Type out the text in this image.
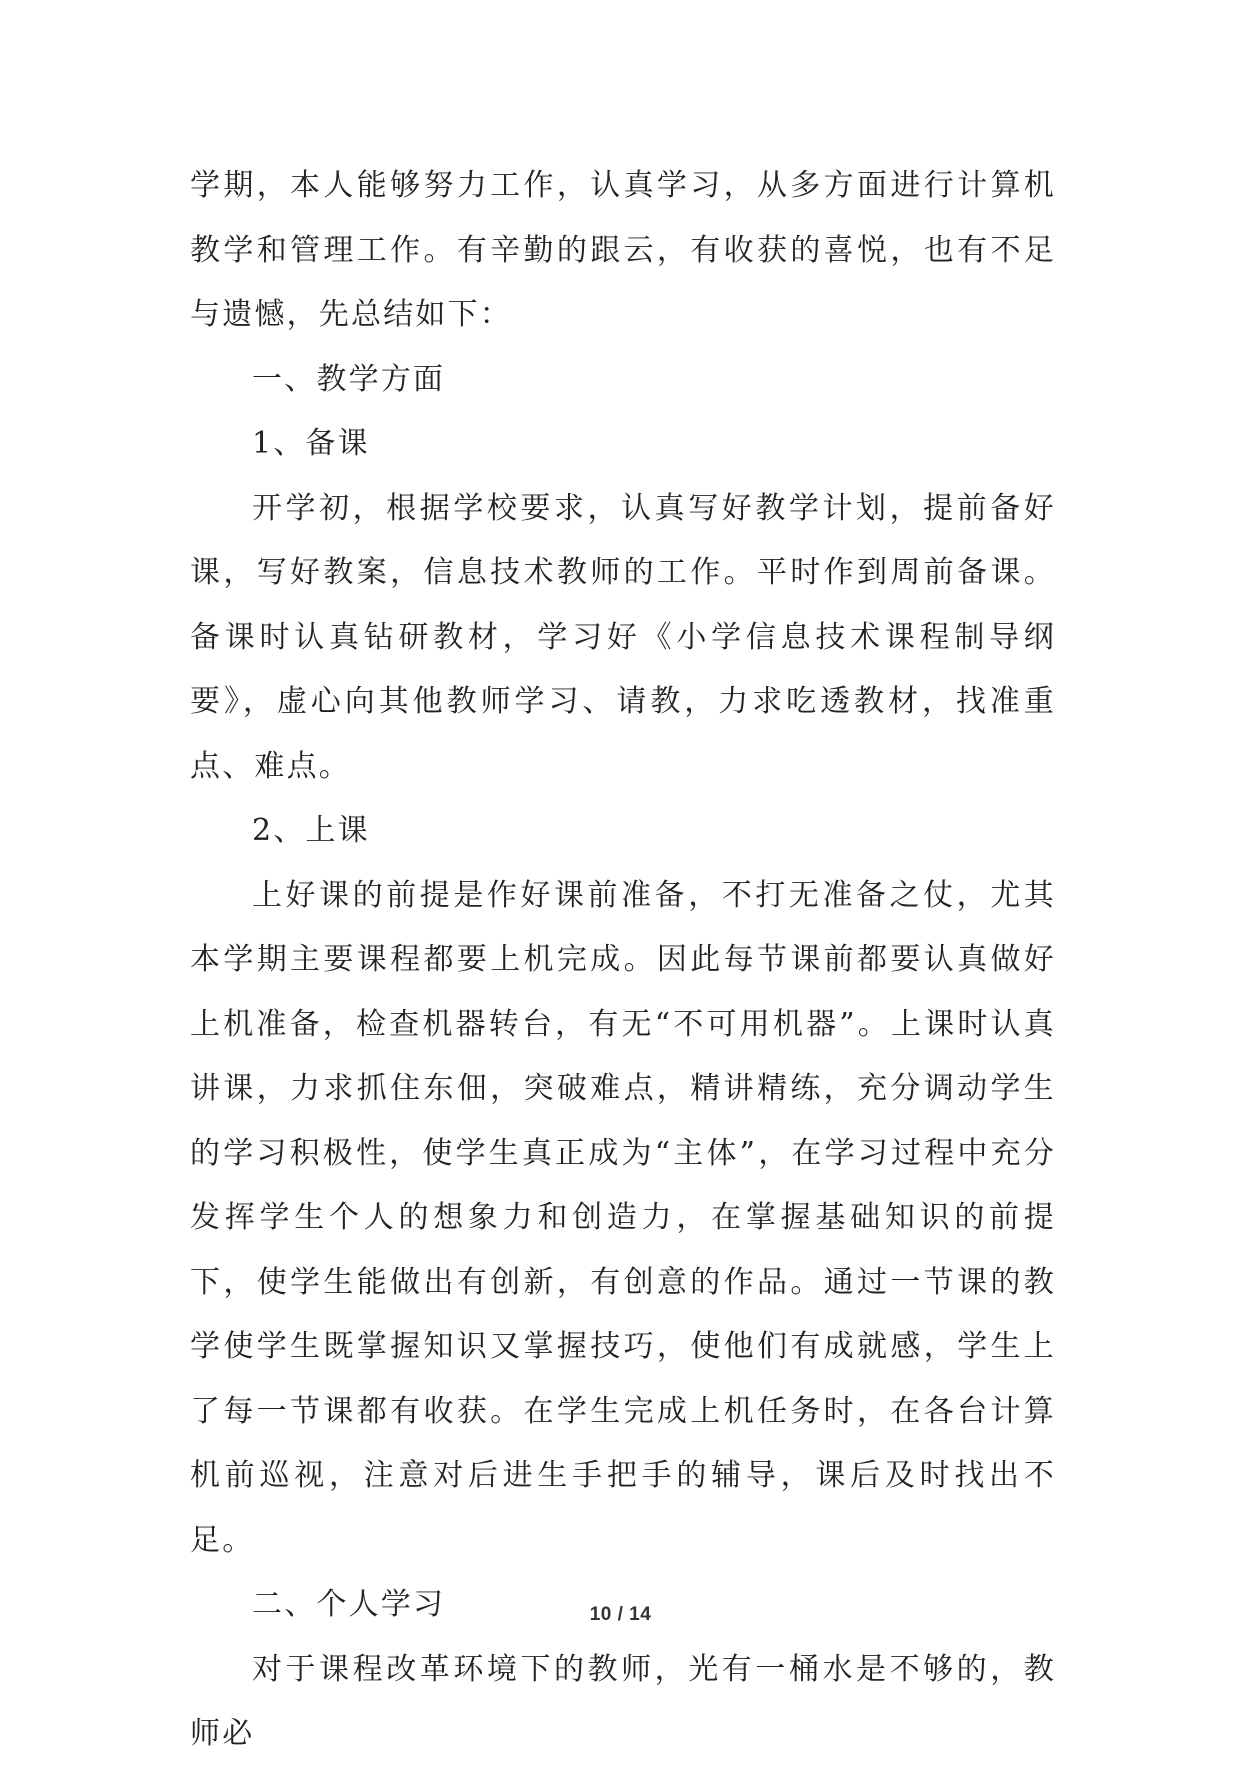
学期，本人能够努力工作，认真学习，从多方面进行计算机教学和管理工作。有辛勤的跟云，有收获的喜悦，也有不足与遗憾，先总结如下：

一、教学方面

1、备课

开学初，根据学校要求，认真写好教学计划，提前备好课，写好教案，信息技术教师的工作。平时作到周前备课。备课时认真钻研教材，学习好《小学信息技术课程制导纲要》，虚心向其他教师学习、请教，力求吃透教材，找准重点、难点。

2、上课

上好课的前提是作好课前准备，不打无准备之仗，尤其本学期主要课程都要上机完成。因此每节课前都要认真做好上机准备，检查机器转台，有无“不可用机器”。上课时认真讲课，力求抓住东佃，突破难点，精讲精练，充分调动学生的学习积极性，使学生真正成为“主体”，在学习过程中充分发挥学生个人的想象力和创造力，在掌握基础知识的前提下，使学生能做出有创新，有创意的作品。通过一节课的教学使学生既掌握知识又掌握技巧，使他们有成就感，学生上了每一节课都有收获。在学生完成上机任务时，在各台计算机前巡视，注意对后进生手把手的辅导，课后及时找出不足。

二、个人学习

对于课程改革环境下的教师，光有一桶水是不够的，教师必

10 / 14
